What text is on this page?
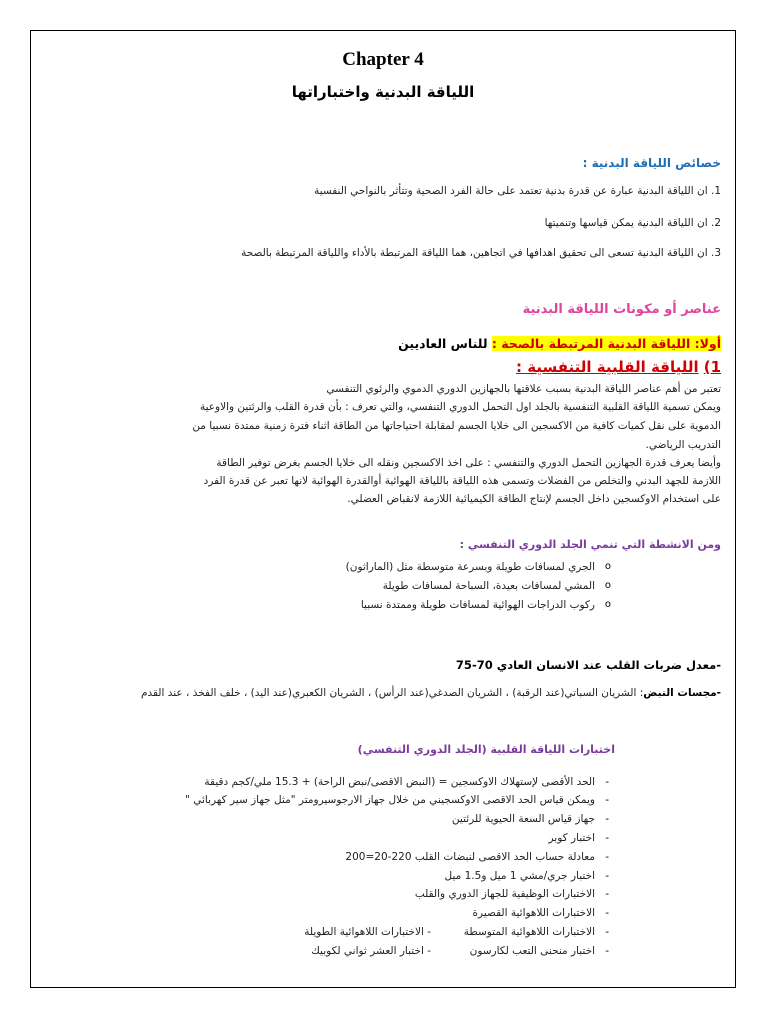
Chapter 4
اللياقة البدنية واختباراتها
خصائص اللياقة البدنية :
1. ان اللياقة البدنية عبارة عن قدرة بدنية تعتمد على حالة الفرد الصحية وتتأثر بالنواحي النفسية
2. ان اللياقة البدنية يمكن قياسها وتنميتها
3. ان اللياقة البدنية تسعى الى تحقيق اهدافها في اتجاهين، هما اللياقة المرتبطة بالأداء واللياقة المرتبطة بالصحة
عناصر أو مكونات اللياقة البدنية
أولا: اللياقة البدنية المرتبطة بالصحة : للناس العاديين
1) اللياقة القلبية التنفسية :
تعتبر من أهم عناصر اللياقة البدنية بسبب علاقتها بالجهازين الدوري الدموي والرئوي التنفسي
ويمكن تسمية اللياقة القلبية التنفسية بالجلد اول التحمل الدوري التنفسي، والتي تعرف : بأن قدرة القلب والرئتين والاوعية
الدموية على نقل كميات كافية من الاكسجين الى خلايا الجسم لمقابلة احتياجاتها من الطاقة اثناء فترة زمنية ممتدة نسبيا من
التدريب الرياضي.
وأيضا يعرف قدرة الجهازين التحمل الدوري والتنفسي : على اخذ الاكسجين ونقله الى خلايا الجسم بغرض توفير الطاقة
اللازمة للجهد البدني والتخلص من الفضلات وتسمى هذه اللياقة باللياقة الهوائية أوالقدرة الهوائية لانها تعبر عن قدرة الفرد
على استخدام الاوكسجين داخل الجسم لإنتاج الطاقة الكيميائية اللازمة لانقباض العضلي.
ومن الانشطة التي تنمي الجلد الدوري التنفسي :
الجري لمسافات طويلة وبسرعة متوسطة مثل (الماراثون) o
المشي لمسافات بعيدة، السباحة لمسافات طويلة o
ركوب الدراجات الهوائية لمسافات طويلة وممتدة نسبيا o
-معدل ضربات القلب عند الانسان العادي 70-75
-مجسات النبض: الشريان السباتي(عند الرقبة) ، الشريان الصدغي(عند الرأس) ، الشريان الكعبري(عند اليد) ، خلف الفخذ ، عند القدم
اختبارات اللياقة القلبية (الجلد الدوري التنفسي)
الحد الأقصى لإستهلاك الاوكسجين = (النبض الاقصى/نبض الراحة) + 15.3 ملي/كجم دقيقة -
ويمكن قياس الحد الاقصى الاوكسجيني من خلال جهاز الارجوسيرومتر "مثل جهاز سير كهربائي " -
جهاز قياس السعة الحيوية للرئتين -
اختبار كوبر -
معادلة حساب الحد الاقصى لنبضات القلب 220-20=200 -
اختبار جري/مشي 1 ميل و1.5 ميل -
الاختبارات الوظيفية للجهاز الدوري والقلب -
الاختبارات اللاهوائية القصيرة -
الاختبارات اللاهوائية المتوسطة
- الاختبارات اللاهوائية الطويلة	-
اختبار منحنى التعب لكارسون
- اختبار العشر ثواني لكوبيك	-
